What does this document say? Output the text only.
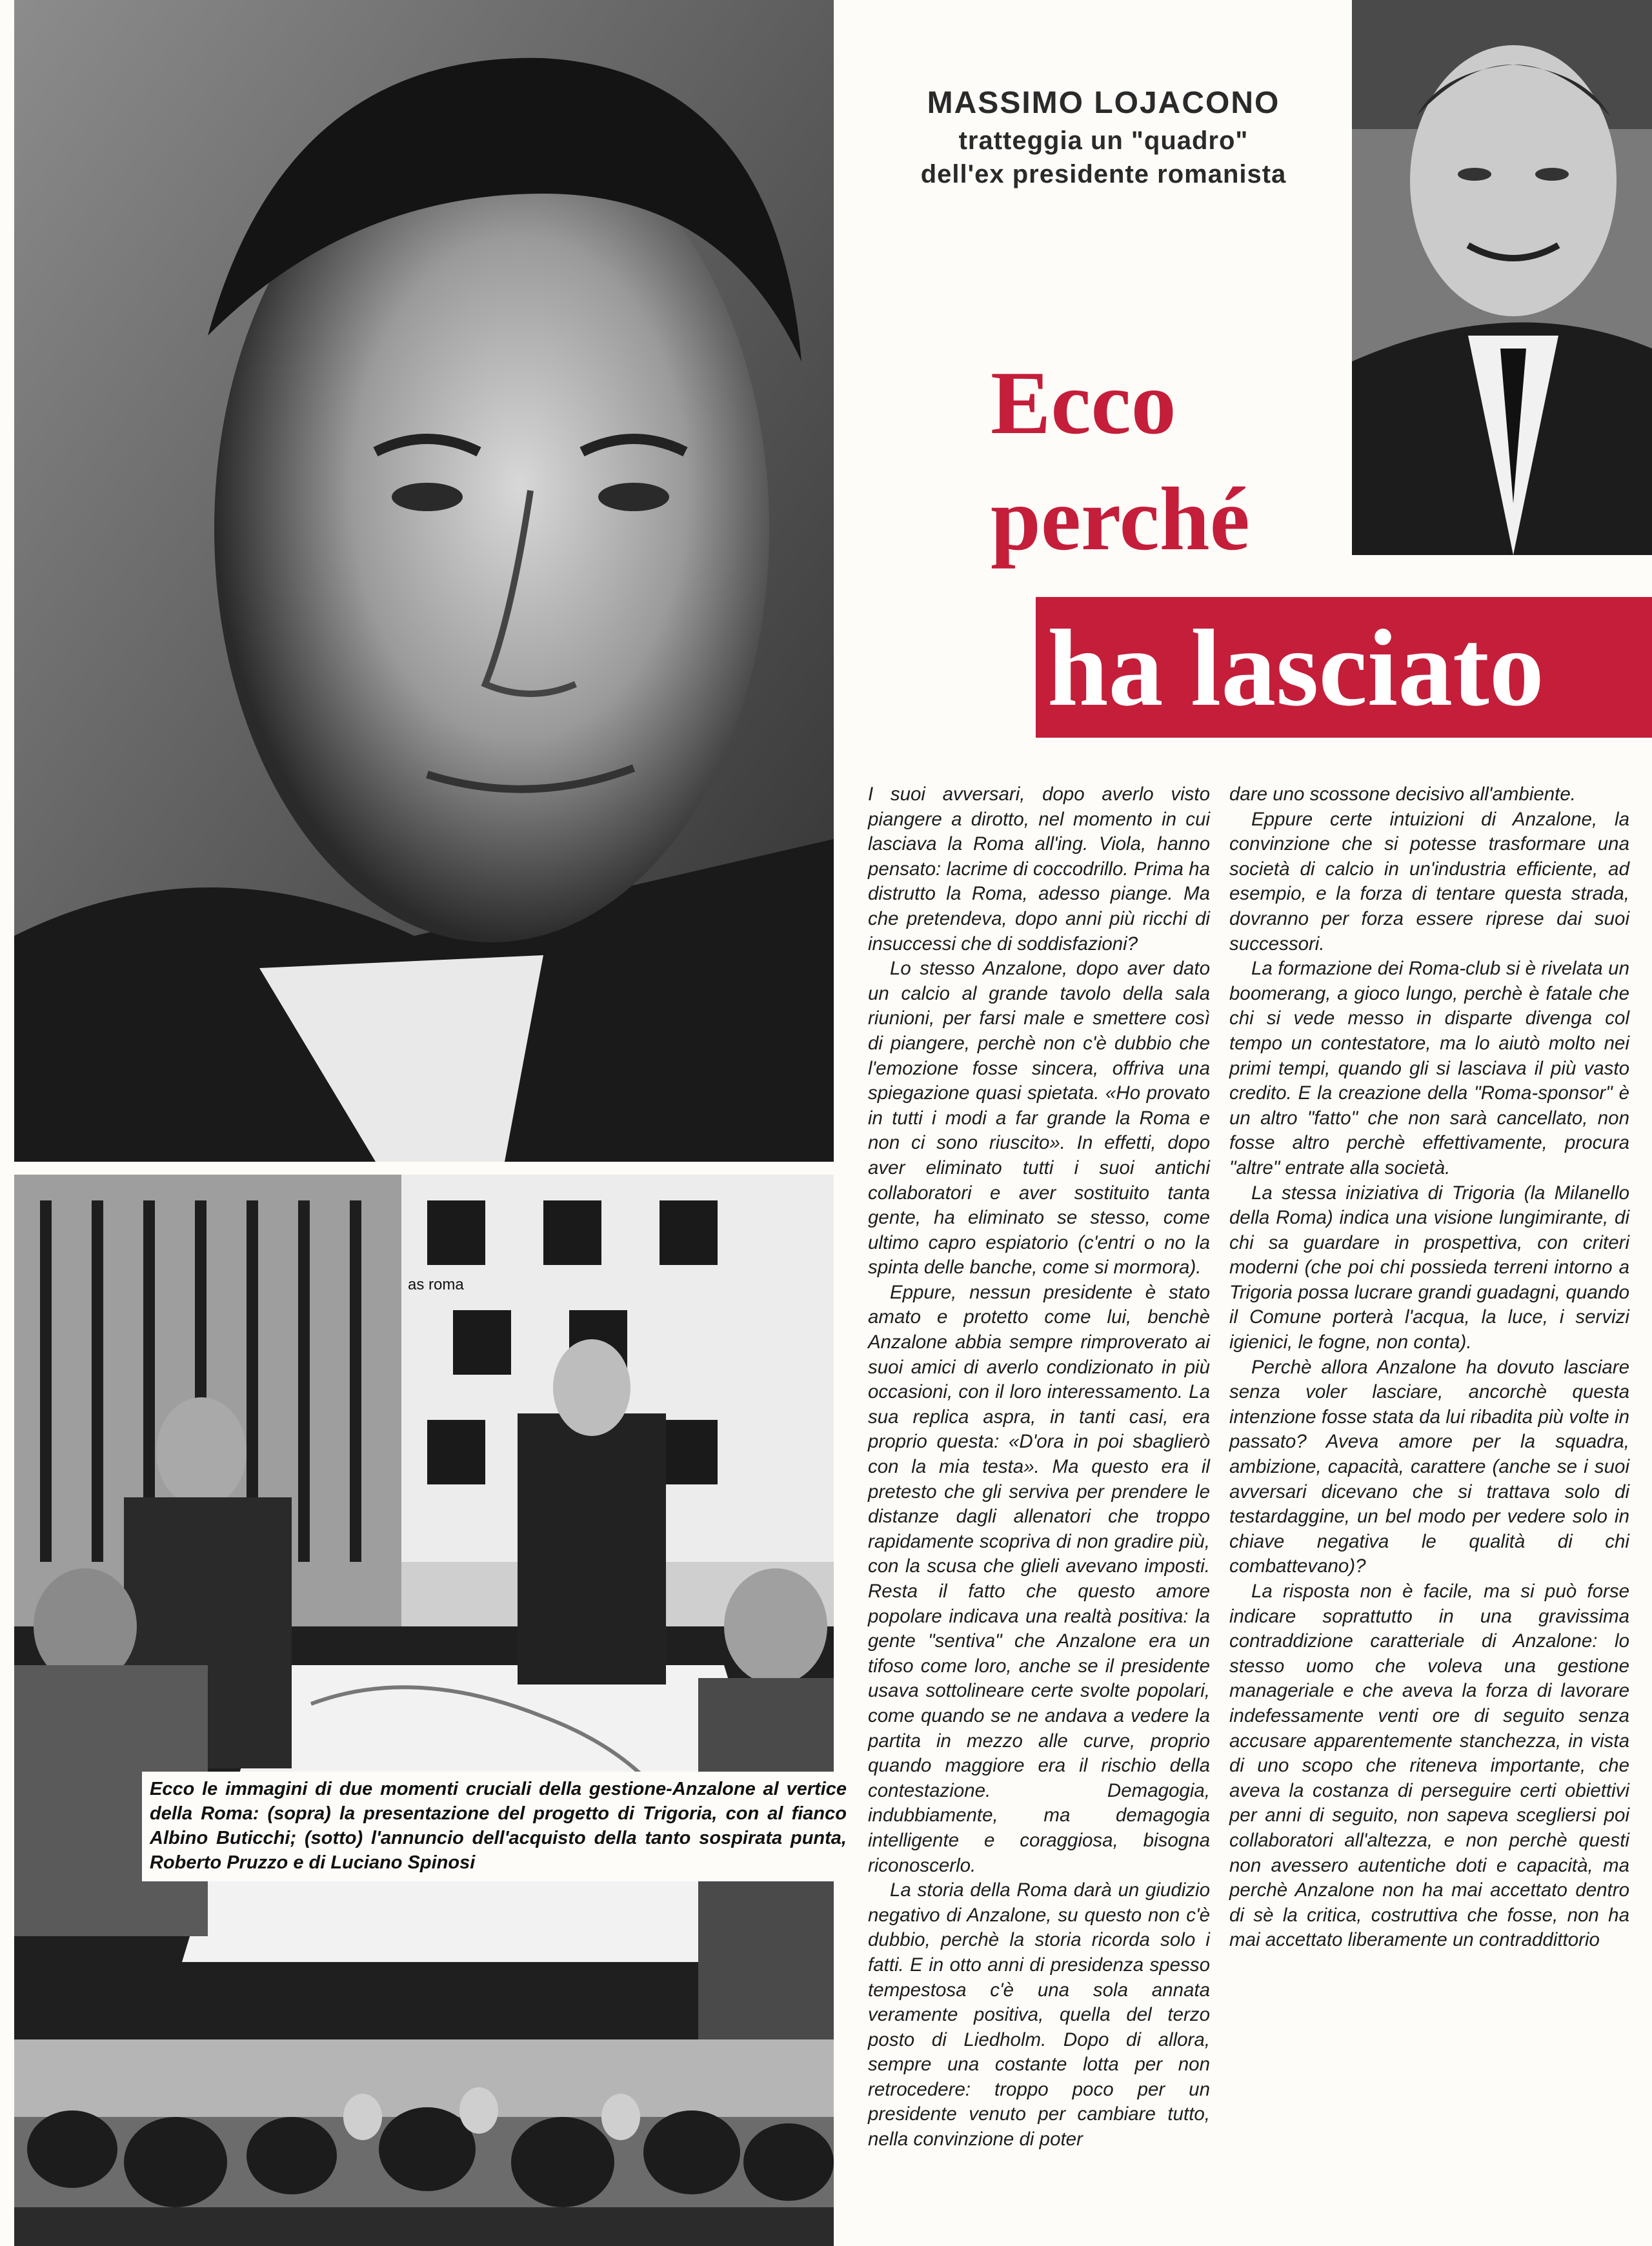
as roma
Ecco le immagini di due momenti cruciali della gestione-Anzalone al vertice della Roma: (sopra) la presentazione del progetto di Trigoria, con al fianco Albino Buticchi; (sotto) l'annuncio dell'acquisto della tanto sospirata punta, Roberto Pruzzo e di Luciano Spinosi
MASSIMO LOJACONO
tratteggia un "quadro"
dell'ex presidente romanista
Ecco
perché
ha lasciato

I suoi avversari, dopo averlo visto piangere a dirotto, nel momento in cui lasciava la Roma all'ing. Viola, hanno pensato: lacrime di coccodrillo. Prima ha distrutto la Roma, adesso piange. Ma che pretendeva, dopo anni più ricchi di insuccessi che di soddisfazioni?

Lo stesso Anzalone, dopo aver dato un calcio al grande tavolo della sala riunioni, per farsi male e smettere così di piangere, perchè non c'è dubbio che l'emozione fosse sincera, offriva una spiegazione quasi spietata. «Ho provato in tutti i modi a far grande la Roma e non ci sono riuscito». In effetti, dopo aver eliminato tutti i suoi antichi collaboratori e aver sostituito tanta gente, ha eliminato se stesso, come ultimo capro espiatorio (c'entri o no la spinta delle banche, come si mormora).

Eppure, nessun presidente è stato amato e protetto come lui, benchè Anzalone abbia sempre rimproverato ai suoi amici di averlo condizionato in più occasioni, con il loro interessamento. La sua replica aspra, in tanti casi, era proprio questa: «D'ora in poi sbaglierò con la mia testa». Ma questo era il pretesto che gli serviva per prendere le distanze dagli allenatori che troppo rapidamente scopriva di non gradire più, con la scusa che glieli avevano imposti. Resta il fatto che questo amore popolare indicava una realtà positiva: la gente "sentiva" che Anzalone era un tifoso come loro, anche se il presidente usava sottolineare certe svolte popolari, come quando se ne andava a vedere la partita in mezzo alle curve, proprio quando maggiore era il rischio della contestazione. Demagogia, indubbiamente, ma demagogia intelligente e coraggiosa, bisogna riconoscerlo.

La storia della Roma darà un giudizio negativo di Anzalone, su questo non c'è dubbio, perchè la storia ricorda solo i fatti. E in otto anni di presidenza spesso tempestosa c'è una sola annata veramente positiva, quella del terzo posto di Liedholm. Dopo di allora, sempre una costante lotta per non retrocedere: troppo poco per un presidente venuto per cambiare tutto, nella convinzione di poter

dare uno scossone decisivo all'ambiente.

Eppure certe intuizioni di Anzalone, la convinzione che si potesse trasformare una società di calcio in un'industria efficiente, ad esempio, e la forza di tentare questa strada, dovranno per forza essere riprese dai suoi successori.

La formazione dei Roma-club si è rivelata un boomerang, a gioco lungo, perchè è fatale che chi si vede messo in disparte divenga col tempo un contestatore, ma lo aiutò molto nei primi tempi, quando gli si lasciava il più vasto credito. E la creazione della "Roma-sponsor" è un altro "fatto" che non sarà cancellato, non fosse altro perchè effettivamente, procura "altre" entrate alla società.

La stessa iniziativa di Trigoria (la Milanello della Roma) indica una visione lungimirante, di chi sa guardare in prospettiva, con criteri moderni (che poi chi possieda terreni intorno a Trigoria possa lucrare grandi guadagni, quando il Comune porterà l'acqua, la luce, i servizi igienici, le fogne, non conta).

Perchè allora Anzalone ha dovuto lasciare senza voler lasciare, ancorchè questa intenzione fosse stata da lui ribadita più volte in passato? Aveva amore per la squadra, ambizione, capacità, carattere (anche se i suoi avversari dicevano che si trattava solo di testardaggine, un bel modo per vedere solo in chiave negativa le qualità di chi combattevano)?

La risposta non è facile, ma si può forse indicare soprattutto in una gravissima contraddizione caratteriale di Anzalone: lo stesso uomo che voleva una gestione manageriale e che aveva la forza di lavorare indefessamente venti ore di seguito senza accusare apparentemente stanchezza, in vista di uno scopo che riteneva importante, che aveva la costanza di perseguire certi obiettivi per anni di seguito, non sapeva scegliersi poi collaboratori all'altezza, e non perchè questi non avessero autentiche doti e capacità, ma perchè Anzalone non ha mai accettato dentro di sè la critica, costruttiva che fosse, non ha mai accettato liberamente un contraddittorio
